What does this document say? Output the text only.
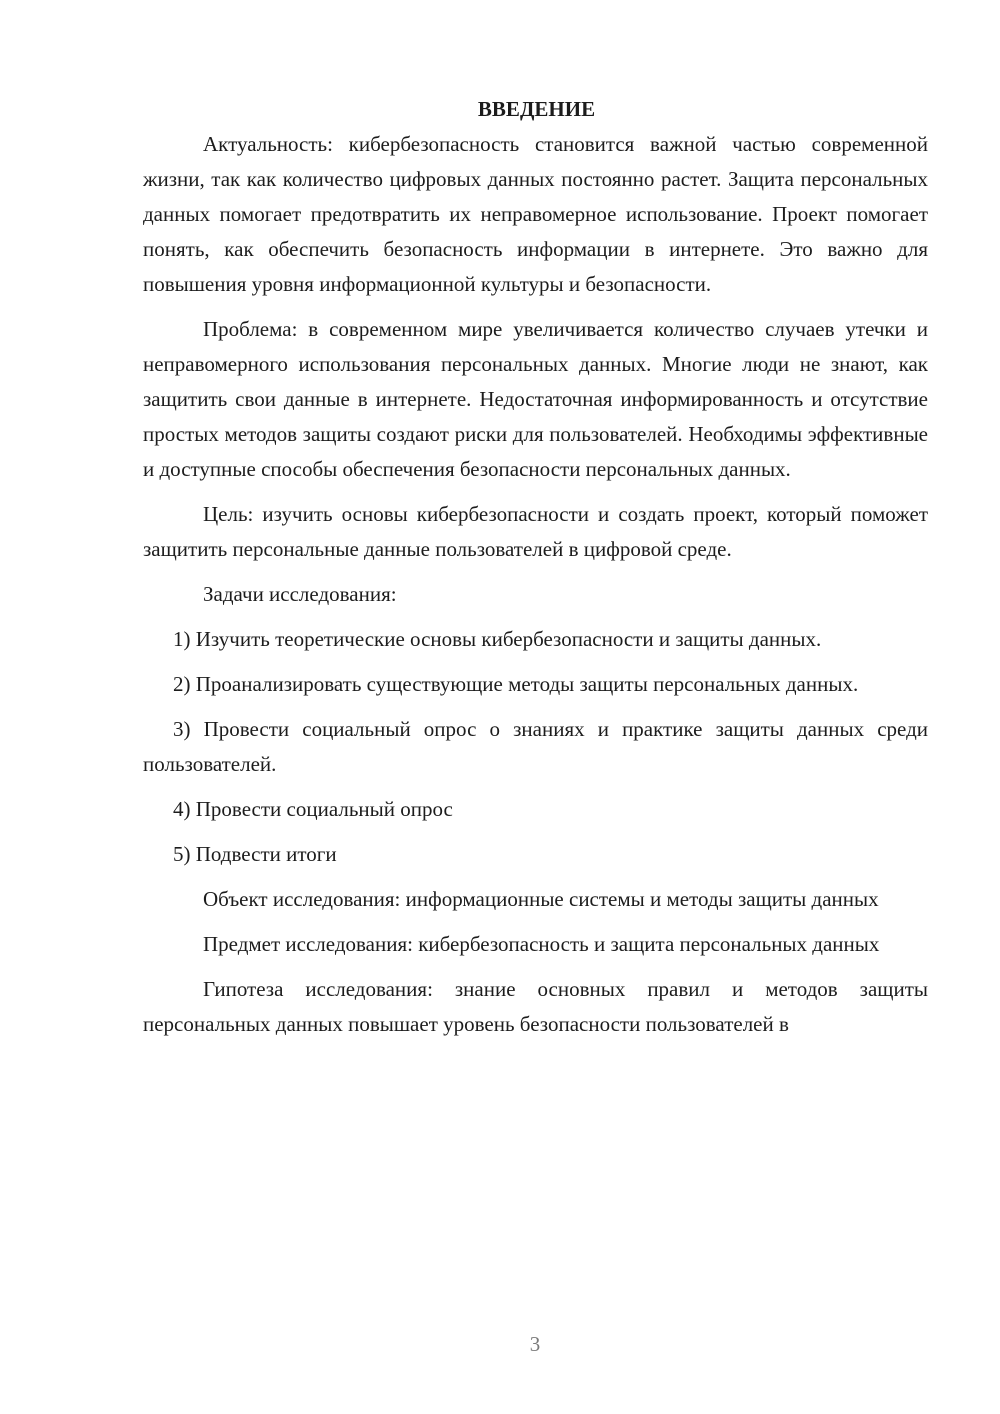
ВВЕДЕНИЕ

Актуальность: кибербезопасность становится важной частью современной жизни, так как количество цифровых данных постоянно растет. Защита персональных данных помогает предотвратить их неправомерное использование. Проект помогает понять, как обеспечить безопасность информации в интернете. Это важно для повышения уровня информационной культуры и безопасности.

Проблема: в современном мире увеличивается количество случаев утечки и неправомерного использования персональных данных. Многие люди не знают, как защитить свои данные в интернете. Недостаточная информированность и отсутствие простых методов защиты создают риски для пользователей. Необходимы эффективные и доступные способы обеспечения безопасности персональных данных.

Цель: изучить основы кибербезопасности и создать проект, который поможет защитить персональные данные пользователей в цифровой среде.

Задачи исследования:

1) Изучить теоретические основы кибербезопасности и защиты данных.

2) Проанализировать существующие методы защиты персональных данных.

3) Провести социальный опрос о знаниях и практике защиты данных среди пользователей.

4) Провести социальный опрос

5) Подвести итоги

Объект исследования: информационные системы и методы защиты данных

Предмет исследования: кибербезопасность и защита персональных данных

Гипотеза исследования: знание основных правил и методов защиты персональных данных повышает уровень безопасности пользователей в

3
